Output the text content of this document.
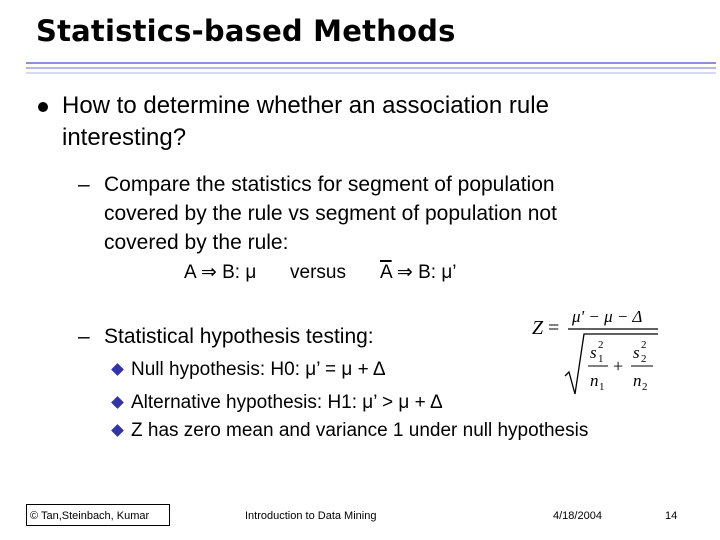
Statistics-based Methods
How to determine whether an association rule
interesting?
– Compare the statistics for segment of population
covered by the rule vs segment of population not
covered by the rule:
A ⇒ B: μ versus $\overline{A}$ ⇒ B: μ’
– Statistical hypothesis testing:
Null hypothesis: H0: μ’ = μ + Δ
Alternative hypothesis: H1: μ’ > μ + Δ
Z has zero mean and variance 1 under null hypothesis
Z =
μ' − μ − Δ
s 2
1
n 1
+
s 2
2
n 2
© Tan,Steinbach, Kumar	Introduction to Data Mining	4/18/2004	14
